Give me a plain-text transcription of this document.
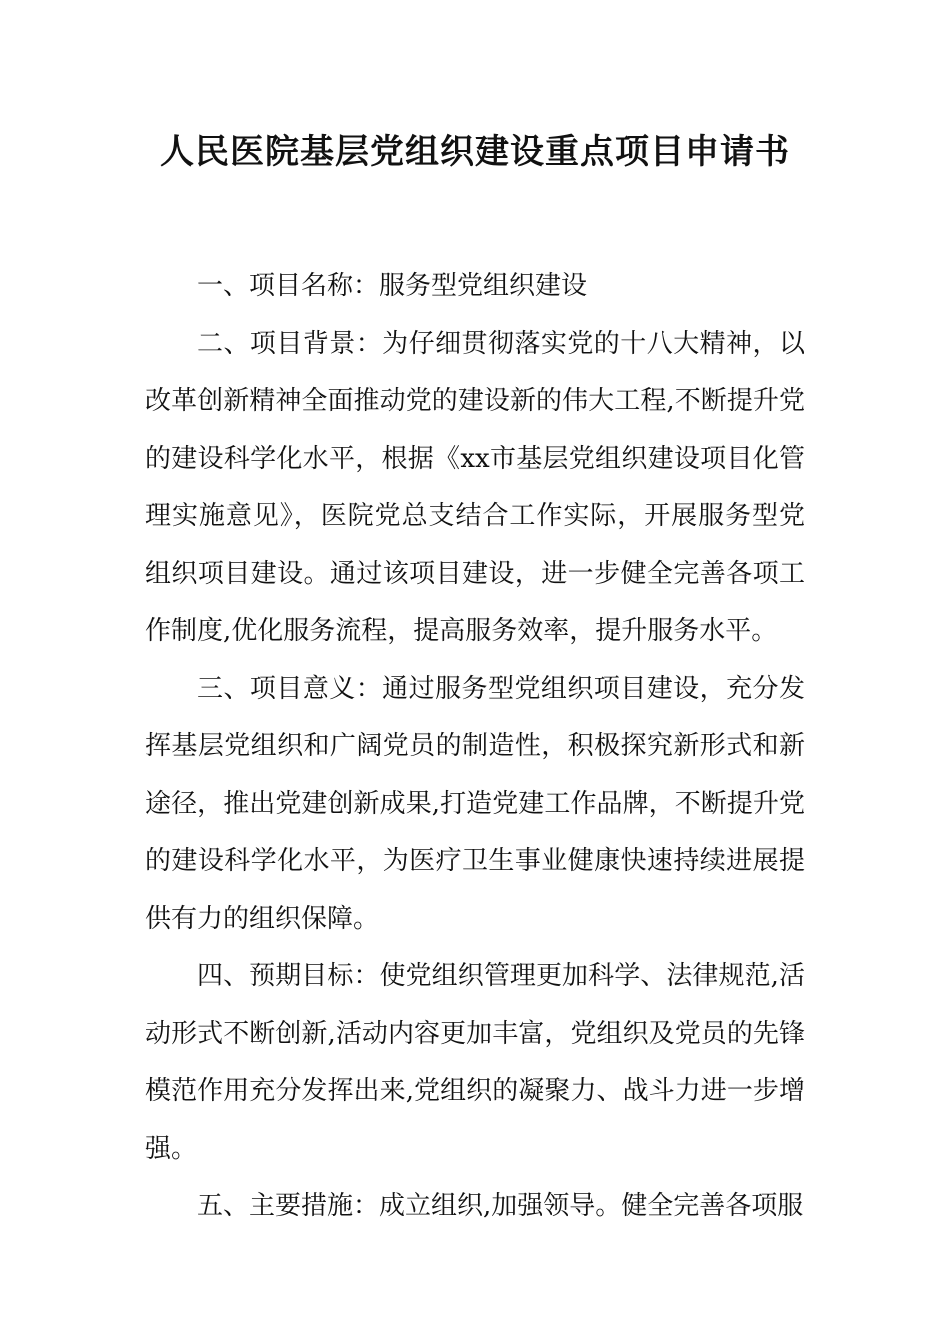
人民医院基层党组织建设重点项目申请书

一、项目名称：服务型党组织建设

二、项目背景：为仔细贯彻落实党的十八大精神，以改革创新精神全面推动党的建设新的伟大工程,不断提升党的建设科学化水平，根据《xx市基层党组织建设项目化管理实施意见》，医院党总支结合工作实际，开展服务型党组织项目建设。通过该项目建设，进一步健全完善各项工作制度,优化服务流程，提高服务效率，提升服务水平。

三、项目意义：通过服务型党组织项目建设，充分发挥基层党组织和广阔党员的制造性，积极探究新形式和新途径，推出党建创新成果,打造党建工作品牌，不断提升党的建设科学化水平，为医疗卫生事业健康快速持续进展提供有力的组织保障。

四、预期目标：使党组织管理更加科学、法律规范,活动形式不断创新,活动内容更加丰富，党组织及党员的先锋模范作用充分发挥出来,党组织的凝聚力、战斗力进一步增强。

五、主要措施：成立组织,加强领导。健全完善各项服
